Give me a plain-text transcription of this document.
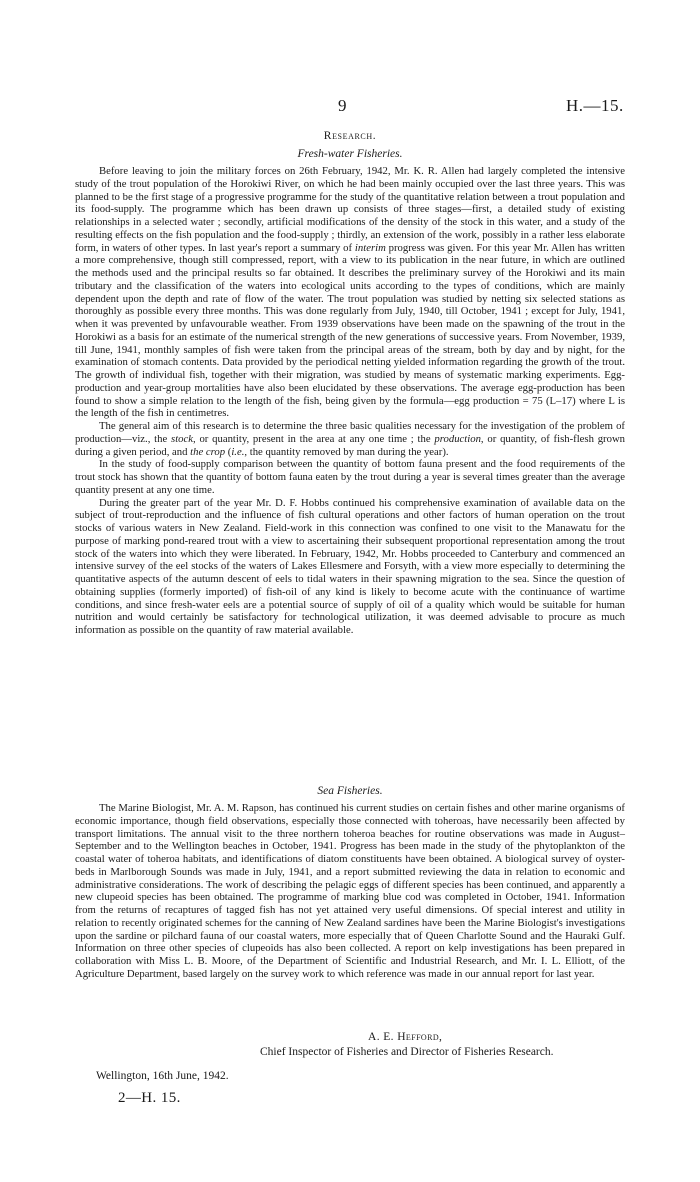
9	H.—15.
Research.
Fresh-water Fisheries.

Before leaving to join the military forces on 26th February, 1942, Mr. K. R. Allen had largely completed the intensive study of the trout population of the Horokiwi River, on which he had been mainly occupied over the last three years. This was planned to be the first stage of a progressive programme for the study of the quantitative relation between a trout population and its food-supply. The programme which has been drawn up consists of three stages—first, a detailed study of existing relationships in a selected water ; secondly, artificial modifications of the density of the stock in this water, and a study of the resulting effects on the fish population and the food-supply ; thirdly, an extension of the work, possibly in a rather less elaborate form, in waters of other types. In last year's report a summary of interim progress was given. For this year Mr. Allen has written a more comprehensive, though still compressed, report, with a view to its publication in the near future, in which are outlined the methods used and the principal results so far obtained. It describes the preliminary survey of the Horokiwi and its main tributary and the classification of the waters into ecological units according to the types of conditions, which are mainly dependent upon the depth and rate of flow of the water. The trout population was studied by netting six selected stations as thoroughly as possible every three months. This was done regularly from July, 1940, till October, 1941 ; except for July, 1941, when it was prevented by unfavourable weather. From 1939 observations have been made on the spawning of the trout in the Horokiwi as a basis for an estimate of the numerical strength of the new generations of successive years. From November, 1939, till June, 1941, monthly samples of fish were taken from the principal areas of the stream, both by day and by night, for the examination of stomach contents. Data provided by the periodical netting yielded information regarding the growth of the trout. The growth of individual fish, together with their migration, was studied by means of systematic marking experiments. Egg-production and year-group mortalities have also been elucidated by these observations. The average egg-production has been found to show a simple relation to the length of the fish, being given by the formula—egg production = 75 (L–17) where L is the length of the fish in centimetres.

The general aim of this research is to determine the three basic qualities necessary for the investigation of the problem of production—viz., the stock, or quantity, present in the area at any one time ; the production, or quantity, of fish-flesh grown during a given period, and the crop (i.e., the quantity removed by man during the year).

In the study of food-supply comparison between the quantity of bottom fauna present and the food requirements of the trout stock has shown that the quantity of bottom fauna eaten by the trout during a year is several times greater than the average quantity present at any one time.

During the greater part of the year Mr. D. F. Hobbs continued his comprehensive examination of available data on the subject of trout-reproduction and the influence of fish cultural operations and other factors of human operation on the trout stocks of various waters in New Zealand. Field-work in this connection was confined to one visit to the Manawatu for the purpose of marking pond-reared trout with a view to ascertaining their subsequent proportional representation among the trout stock of the waters into which they were liberated. In February, 1942, Mr. Hobbs proceeded to Canterbury and commenced an intensive survey of the eel stocks of the waters of Lakes Ellesmere and Forsyth, with a view more especially to determining the quantitative aspects of the autumn descent of eels to tidal waters in their spawning migration to the sea. Since the question of obtaining supplies (formerly imported) of fish-oil of any kind is likely to become acute with the continuance of wartime conditions, and since fresh-water eels are a potential source of supply of oil of a quality which would be suitable for human nutrition and would certainly be satisfactory for technological utilization, it was deemed advisable to procure as much information as possible on the quantity of raw material available.

Sea Fisheries.

The Marine Biologist, Mr. A. M. Rapson, has continued his current studies on certain fishes and other marine organisms of economic importance, though field observations, especially those connected with toheroas, have necessarily been affected by transport limitations. The annual visit to the three northern toheroa beaches for routine observations was made in August–September and to the Wellington beaches in October, 1941. Progress has been made in the study of the phytoplankton of the coastal water of toheroa habitats, and identifications of diatom constituents have been obtained. A biological survey of oyster-beds in Marlborough Sounds was made in July, 1941, and a report submitted reviewing the data in relation to economic and administrative considerations. The work of describing the pelagic eggs of different species has been continued, and apparently a new clupeoid species has been obtained. The programme of marking blue cod was completed in October, 1941. Information from the returns of recaptures of tagged fish has not yet attained very useful dimensions. Of special interest and utility in relation to recently originated schemes for the canning of New Zealand sardines have been the Marine Biologist's investigations upon the sardine or pilchard fauna of our coastal waters, more especially that of Queen Charlotte Sound and the Hauraki Gulf. Information on three other species of clupeoids has also been collected. A report on kelp investigations has been prepared in collaboration with Miss L. B. Moore, of the Department of Scientific and Industrial Research, and Mr. I. L. Elliott, of the Agriculture Department, based largely on the survey work to which reference was made in our annual report for last year.

A. E. Hefford,
Chief Inspector of Fisheries and Director of Fisheries Research.
Wellington, 16th June, 1942.
2—H. 15.
